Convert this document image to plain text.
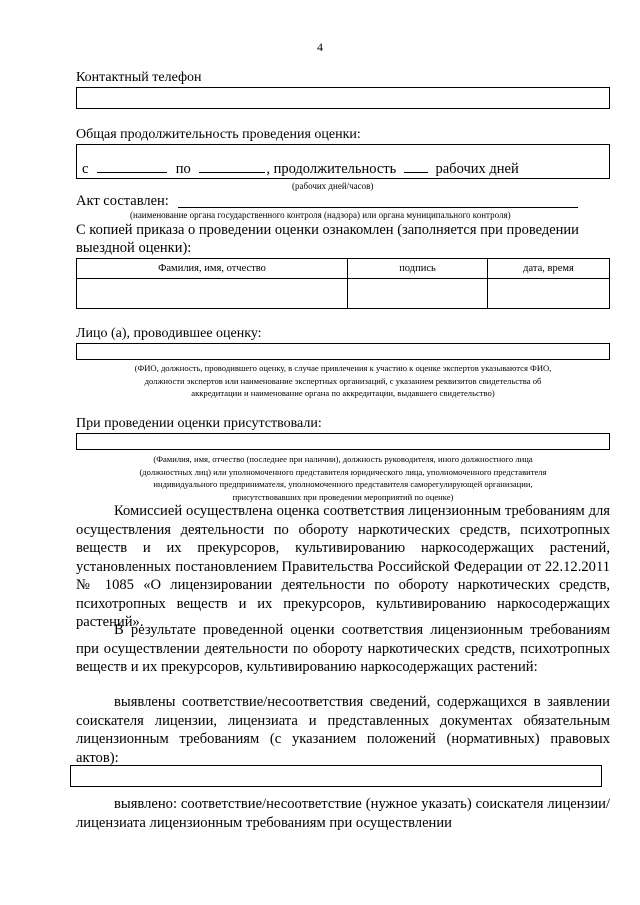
4
Контактный телефон
Общая продолжительность проведения оценки:
с	по	, продолжительность	рабочих дней
(рабочих дней/часов)
Акт составлен:
(наименование органа государственного контроля (надзора) или органа муниципального контроля)
С копией приказа о проведении оценки ознакомлен (заполняется при проведении
выездной оценки):
Фамилия, имя, отчество	подпись	дата, время

Лицо (а), проводившее оценку:
(ФИО, должность, проводившего оценку, в случае привлечения к участию к оценке экспертов указываются ФИО,
должности экспертов или наименование экспертных организаций, с указанием реквизитов свидетельства об
аккредитации и наименование органа по аккредитации, выдавшего свидетельство)
При проведении оценки присутствовали:
(Фамилия, имя, отчество (последнее при наличии), должность руководителя, иного должностного лица
(должностных лиц) или уполномоченного представителя юридического лица, уполномоченного представителя
индивидуального предпринимателя, уполномоченного представителя саморегулирующей организации,
присутствовавших при проведении мероприятий по оценке)
Комиссией осуществлена оценка соответствия лицензионным требованиям для осуществления деятельности по обороту наркотических средств, психотропных веществ и их прекурсоров, культивированию наркосодержащих растений, установленных постановлением Правительства Российской Федерации от 22.12.2011 № 1085 «О лицензировании деятельности по обороту наркотических средств, психотропных веществ и их прекурсоров, культивированию наркосодержащих растений».
В результате проведенной оценки соответствия лицензионным требованиям при осуществлении деятельности по обороту наркотических средств, психотропных веществ и их прекурсоров, культивированию наркосодержащих растений:
выявлены соответствие/несоответствия сведений, содержащихся в заявлении соискателя лицензии, лицензиата и представленных документах обязательным лицензионным требованиям (с указанием положений (нормативных) правовых актов):
выявлено: соответствие/несоответствие (нужное указать) соискателя лицензии/лицензиата лицензионным требованиям при осуществлении
